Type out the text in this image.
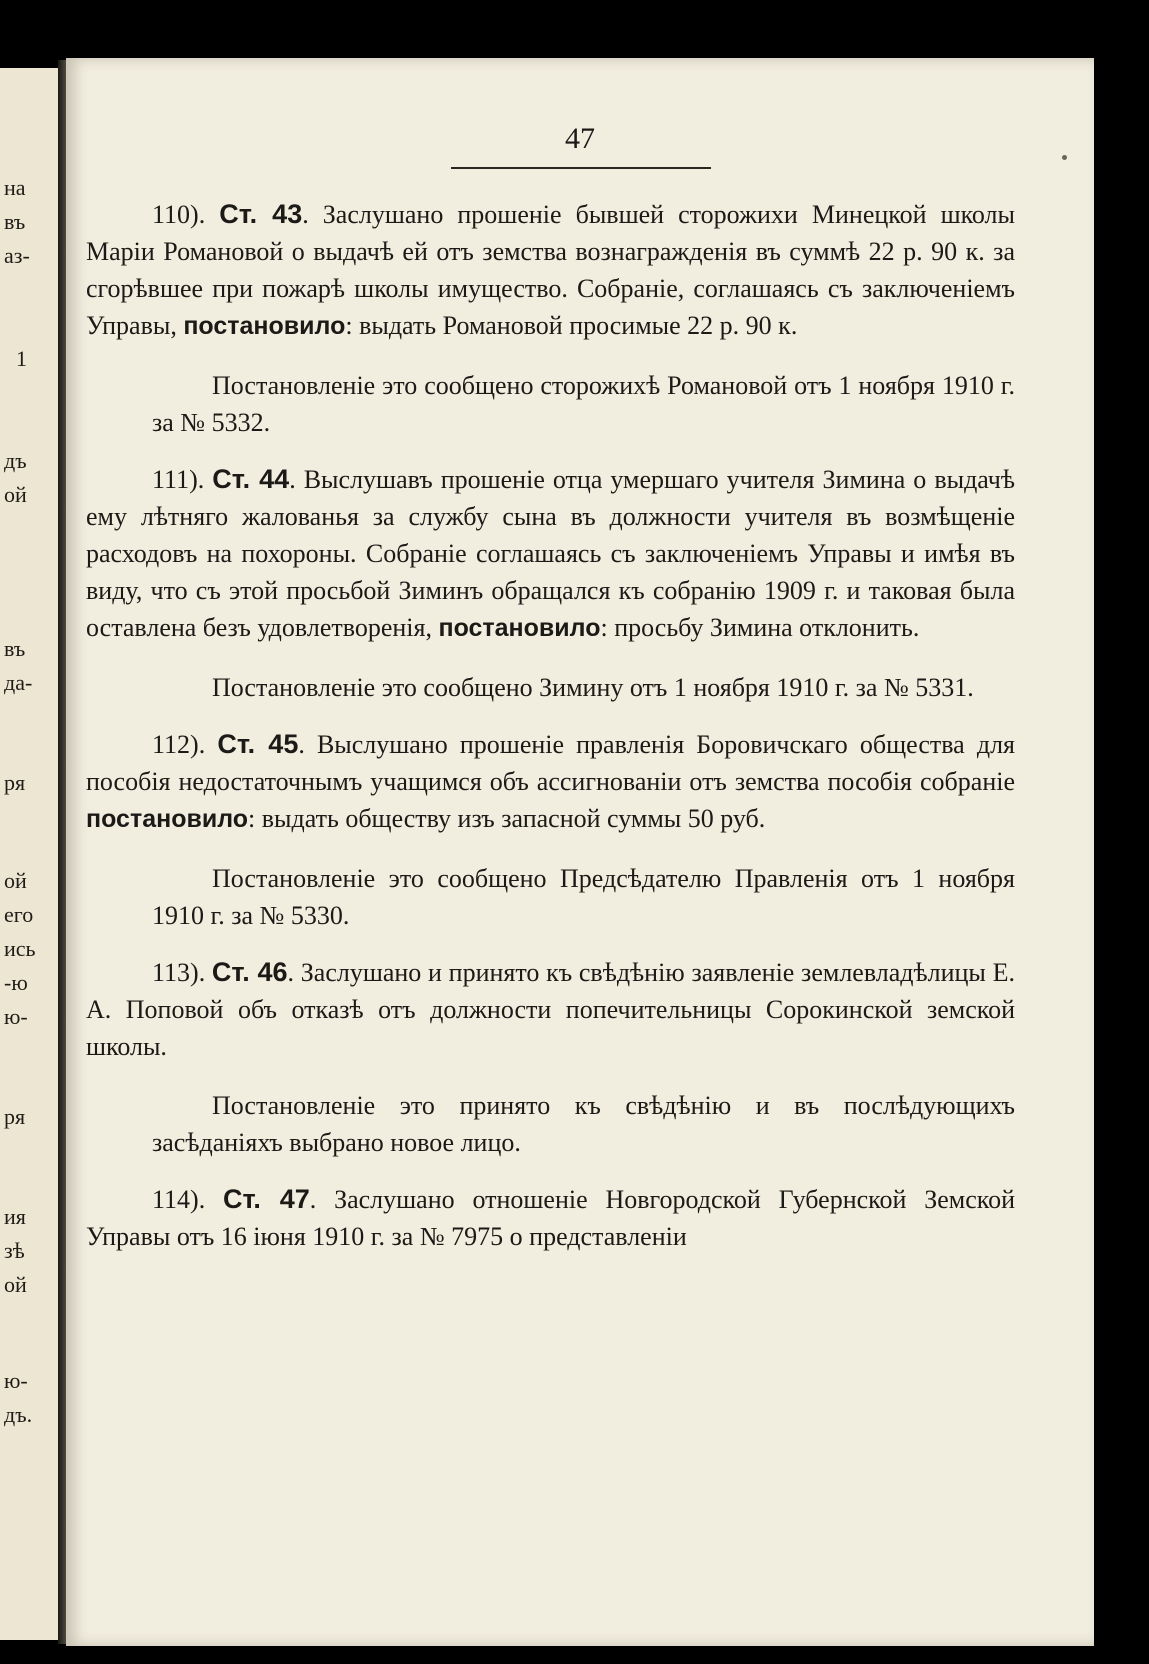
на
въ
аз-
1
дъ
ой
въ
да-
ря
ой
его
ись
-ю
ю-
ря
ия
зѣ
ой
ю-
дъ.
47

110). Ст. 43. Заслушано прошеніе бывшей сторожихи Минецкой школы Маріи Романовой о выдачѣ ей отъ земства вознагражденія въ суммѣ 22 р. 90 к. за сгорѣвшее при пожарѣ школы имущество. Собраніе, соглашаясь съ заключеніемъ Управы, постановило: выдать Романовой просимые 22 р. 90 к.

Постановленіе это сообщено сторожихѣ Романовой отъ 1 ноября 1910 г. за № 5332.

111). Ст. 44. Выслушавъ прошеніе отца умершаго учителя Зимина о выдачѣ ему лѣтняго жалованья за службу сына въ должности учителя въ возмѣщеніе расходовъ на похороны. Собраніе соглашаясь съ заключеніемъ Управы и имѣя въ виду, что съ этой просьбой Зиминъ обращался къ собранію 1909 г. и таковая была оставлена безъ удовлетворенія, постановило: просьбу Зимина отклонить.

Постановленіе это сообщено Зимину отъ 1 ноября 1910 г. за № 5331.

112). Ст. 45. Выслушано прошеніе правленія Боровичскаго общества для пособія недостаточнымъ учащимся объ ассигнованіи отъ земства пособія собраніе постановило: выдать обществу изъ запасной суммы 50 руб.

Постановленіе это сообщено Предсѣдателю Правленія отъ 1 ноября 1910 г. за № 5330.

113). Ст. 46. Заслушано и принято къ свѣдѣнію заявленіе землевладѣлицы Е. А. Поповой объ отказѣ отъ должности попечительницы Сорокинской земской школы.

Постановленіе это принято къ свѣдѣнію и въ послѣдующихъ засѣданіяхъ выбрано новое лицо.

114). Ст. 47. Заслушано отношеніе Новгородской Губернской Земской Управы отъ 16 іюня 1910 г. за № 7975 о представленіи
